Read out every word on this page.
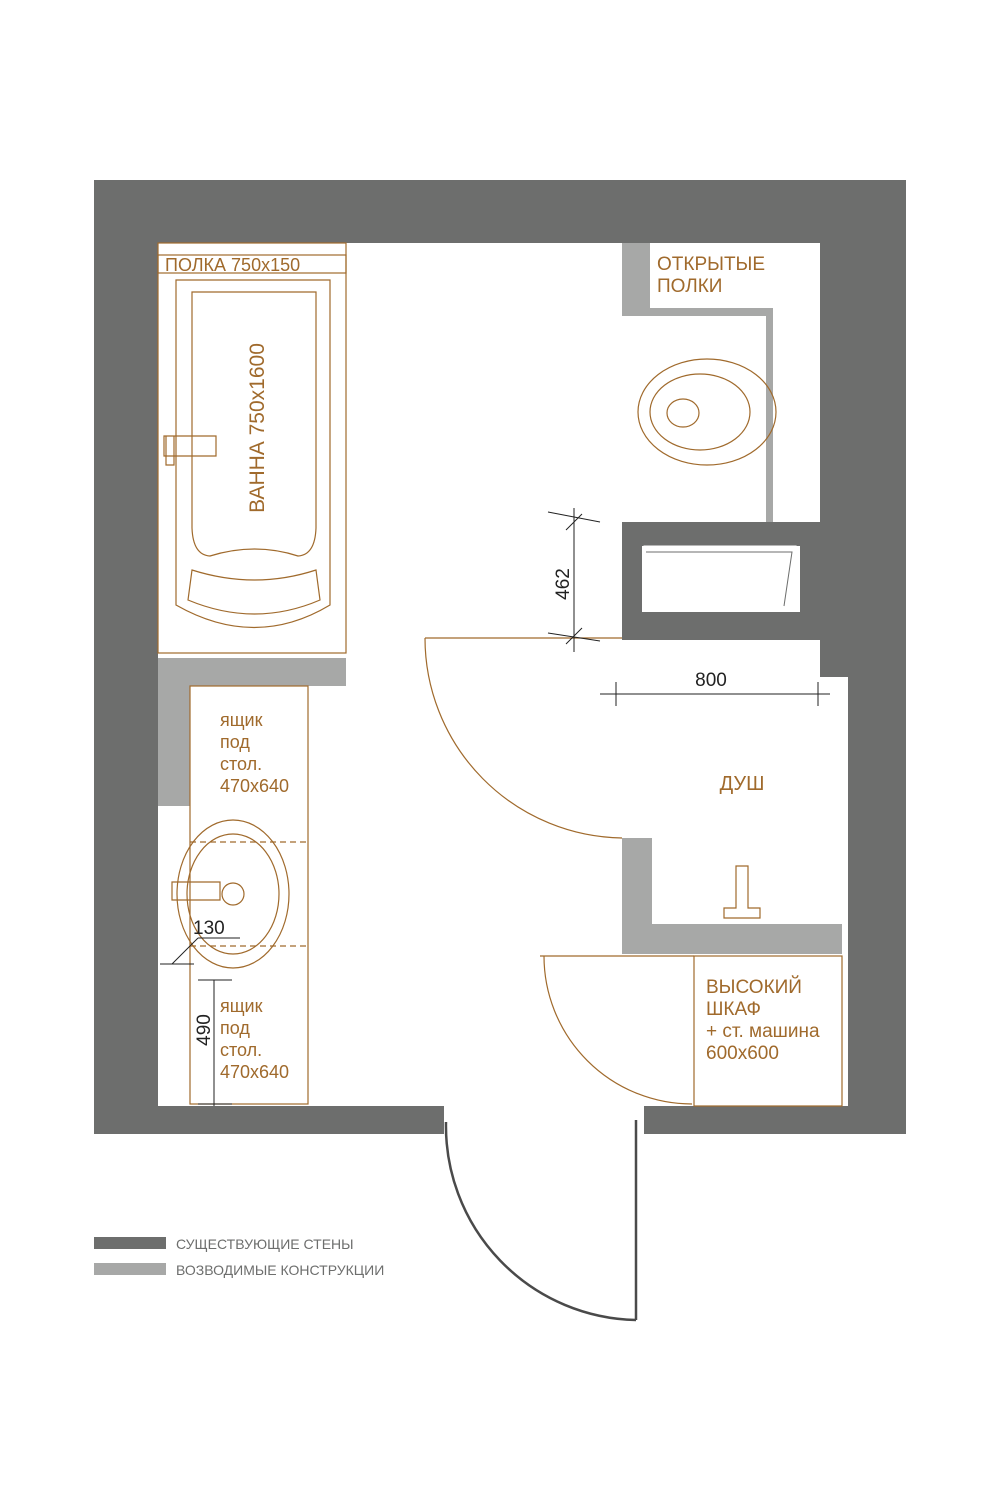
ПОЛКА 750х150
ВАННА 750х1600
ОТКРЫТЫЕ
ПОЛКИ
ДУШ
ящик
под
стол.
470х640
ящик
под
стол.
470х640
ВЫСОКИЙ
ШКАФ
+ ст. машина
600х600
462
800
130
490
СУЩЕСТВУЮЩИЕ СТЕНЫ
ВОЗВОДИМЫЕ КОНСТРУКЦИИ
